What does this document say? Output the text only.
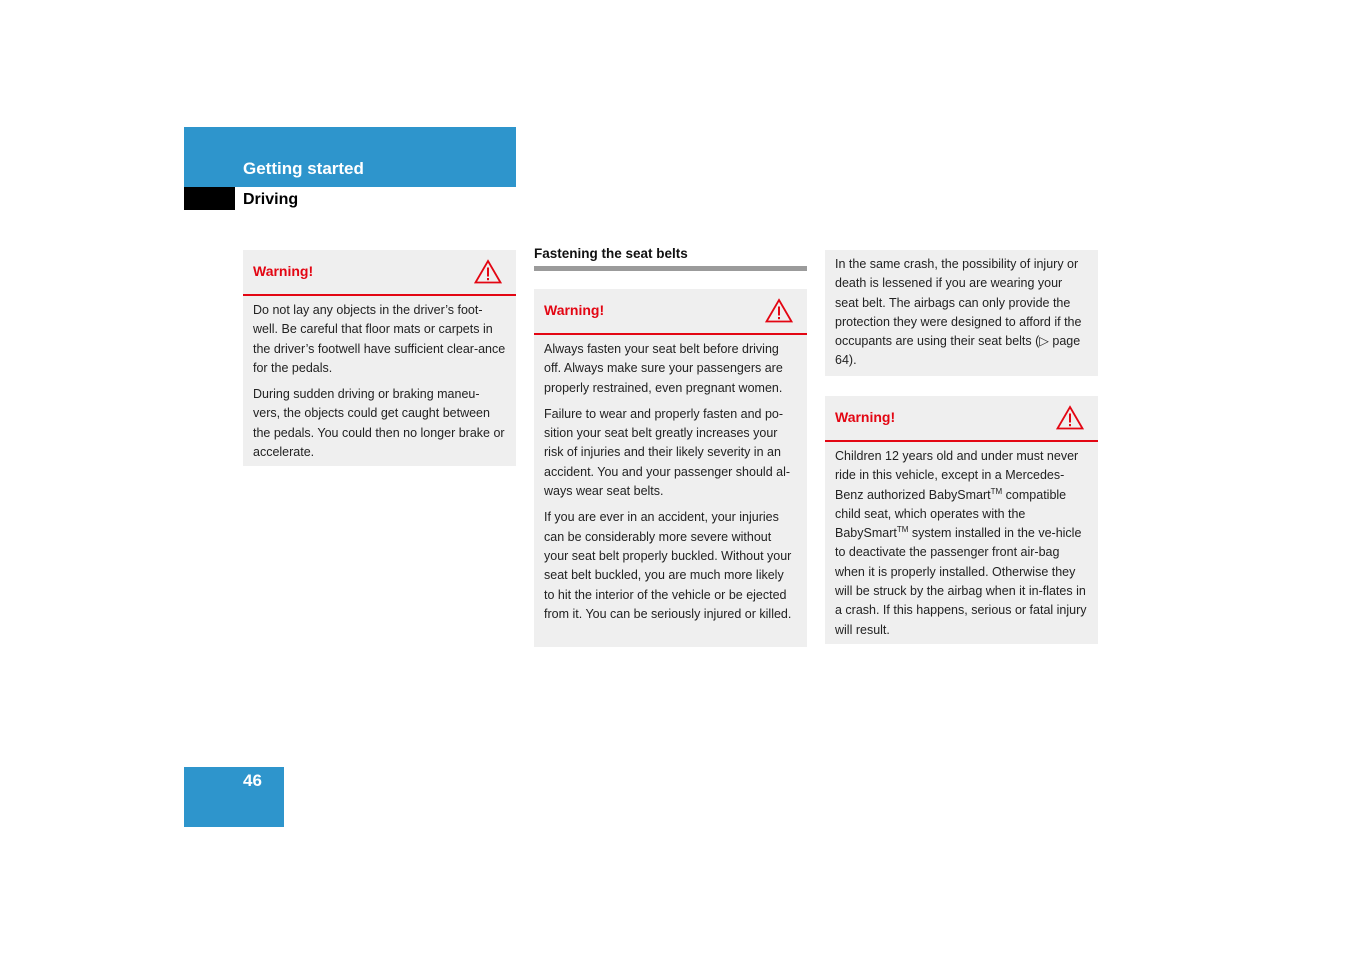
Getting started
Driving
Warning!

Do not lay any objects in the driver’s foot-well. Be careful that floor mats or carpets in the driver’s footwell have sufficient clear-ance for the pedals.

During sudden driving or braking maneu-vers, the objects could get caught between the pedals. You could then no longer brake or accelerate.

Fastening the seat belts
Warning!

Always fasten your seat belt before driving off. Always make sure your passengers are properly restrained, even pregnant women.

Failure to wear and properly fasten and po-sition your seat belt greatly increases your risk of injuries and their likely severity in an accident. You and your passenger should al-ways wear seat belts.

If you are ever in an accident, your injuries can be considerably more severe without your seat belt properly buckled. Without your seat belt buckled, you are much more likely to hit the interior of the vehicle or be ejected from it. You can be seriously injured or killed.

In the same crash, the possibility of injury or death is lessened if you are wearing your seat belt. The airbags can only provide the protection they were designed to afford if the occupants are using their seat belts (▷ page 64).

Warning!

Children 12 years old and under must never ride in this vehicle, except in a Mercedes-Benz authorized BabySmart™ compatible child seat, which operates with the BabySmart™ system installed in the ve-hicle to deactivate the passenger front air-bag when it is properly installed. Otherwise they will be struck by the airbag when it in-flates in a crash. If this happens, serious or fatal injury will result.

46
